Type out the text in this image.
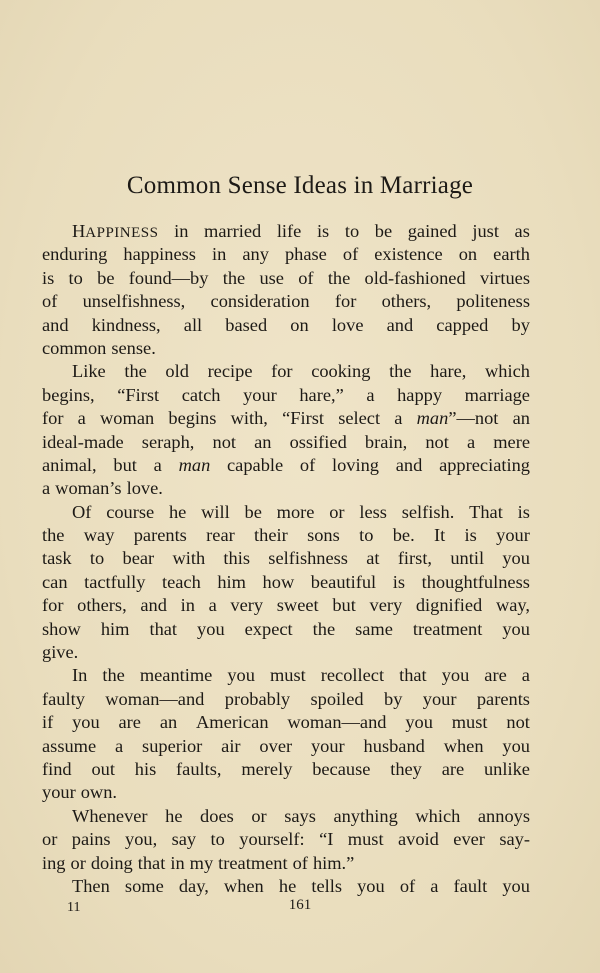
Common Sense Ideas in Marriage
HAPPINESS in married life is to be gained just as
enduring happiness in any phase of existence on earth
is to be found—by the use of the old-fashioned virtues
of unselfishness, consideration for others, politeness
and kindness, all based on love and capped by
common sense.
Like the old recipe for cooking the hare, which
begins, “First catch your hare,” a happy marriage
for a woman begins with, “First select a man”—not an
ideal-made seraph, not an ossified brain, not a mere
animal, but a man capable of loving and appreciating
a woman’s love.
Of course he will be more or less selfish. That is
the way parents rear their sons to be. It is your
task to bear with this selfishness at first, until you
can tactfully teach him how beautiful is thoughtfulness
for others, and in a very sweet but very dignified way,
show him that you expect the same treatment you
give.
In the meantime you must recollect that you are a
faulty woman—and probably spoiled by your parents
if you are an American woman—and you must not
assume a superior air over your husband when you
find out his faults, merely because they are unlike
your own.
Whenever he does or says anything which annoys
or pains you, say to yourself: “I must avoid ever say-
ing or doing that in my treatment of him.”
Then some day, when he tells you of a fault you
11	161
